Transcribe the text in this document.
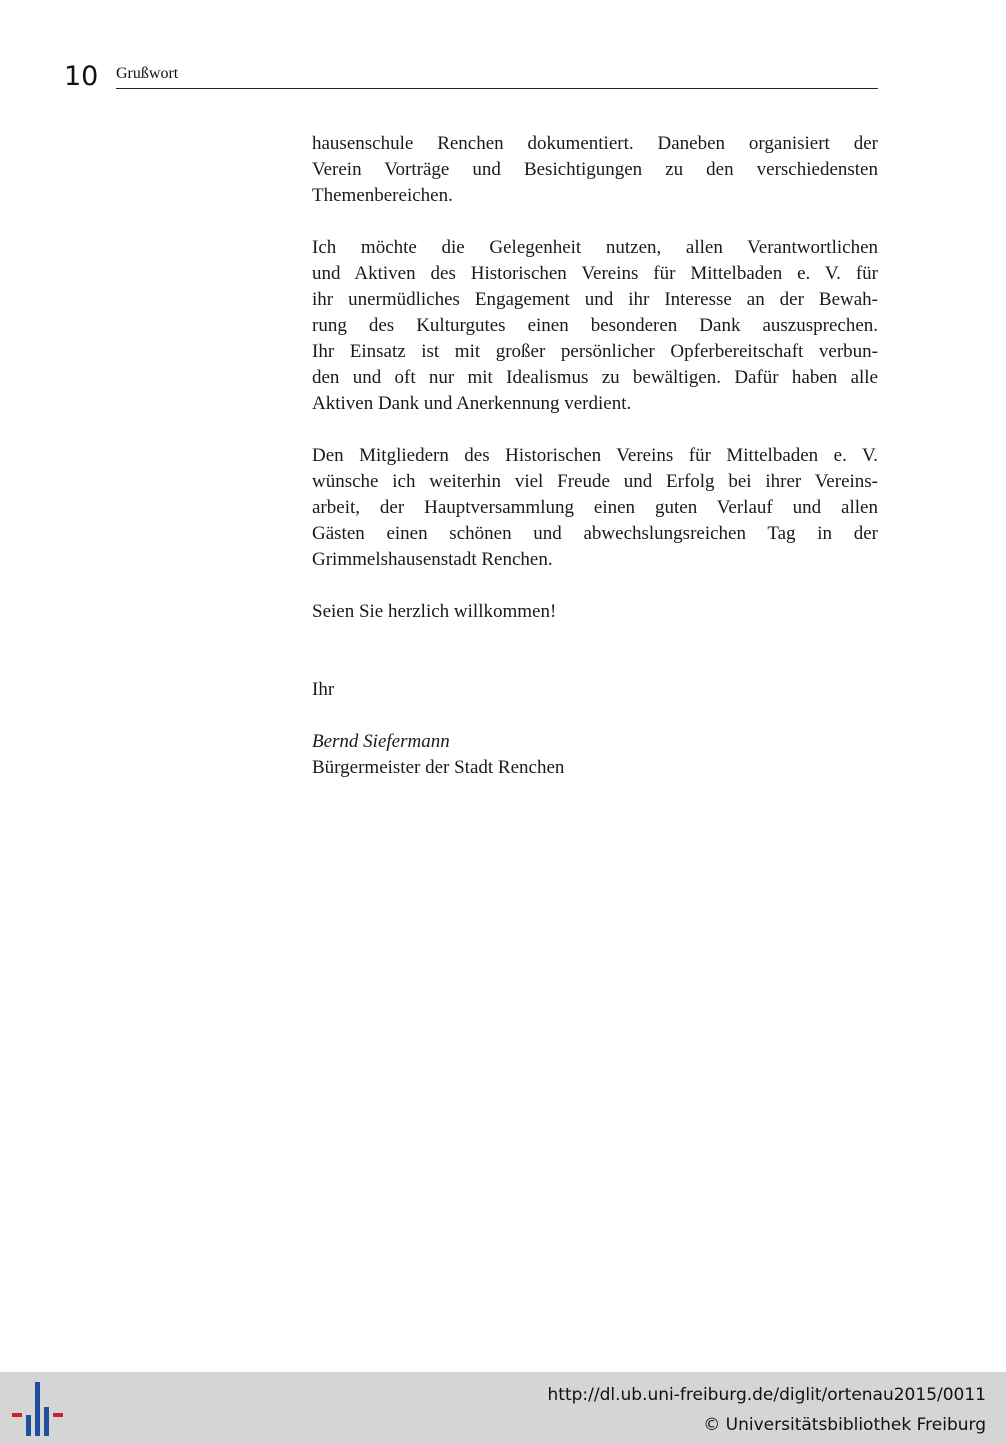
10 Grußwort
hausenschule Renchen dokumentiert. Daneben organisiert der
Verein Vorträge und Besichtigungen zu den verschiedensten
Themenbereichen.
Ich möchte die Gelegenheit nutzen, allen Verantwortlichen
und Aktiven des Historischen Vereins für Mittelbaden e. V. für
ihr unermüdliches Engagement und ihr Interesse an der Bewah-
rung des Kulturgutes einen besonderen Dank auszusprechen.
Ihr Einsatz ist mit großer persönlicher Opferbereitschaft verbun-
den und oft nur mit Idealismus zu bewältigen. Dafür haben alle
Aktiven Dank und Anerkennung verdient.
Den Mitgliedern des Historischen Vereins für Mittelbaden e. V.
wünsche ich weiterhin viel Freude und Erfolg bei ihrer Vereins-
arbeit, der Hauptversammlung einen guten Verlauf und allen
Gästen einen schönen und abwechslungsreichen Tag in der
Grimmelshausenstadt Renchen.
Seien Sie herzlich willkommen!
Ihr
Bernd Siefermann
Bürgermeister der Stadt Renchen
http://dl.ub.uni-freiburg.de/diglit/ortenau2015/0011
© Universitätsbibliothek Freiburg
